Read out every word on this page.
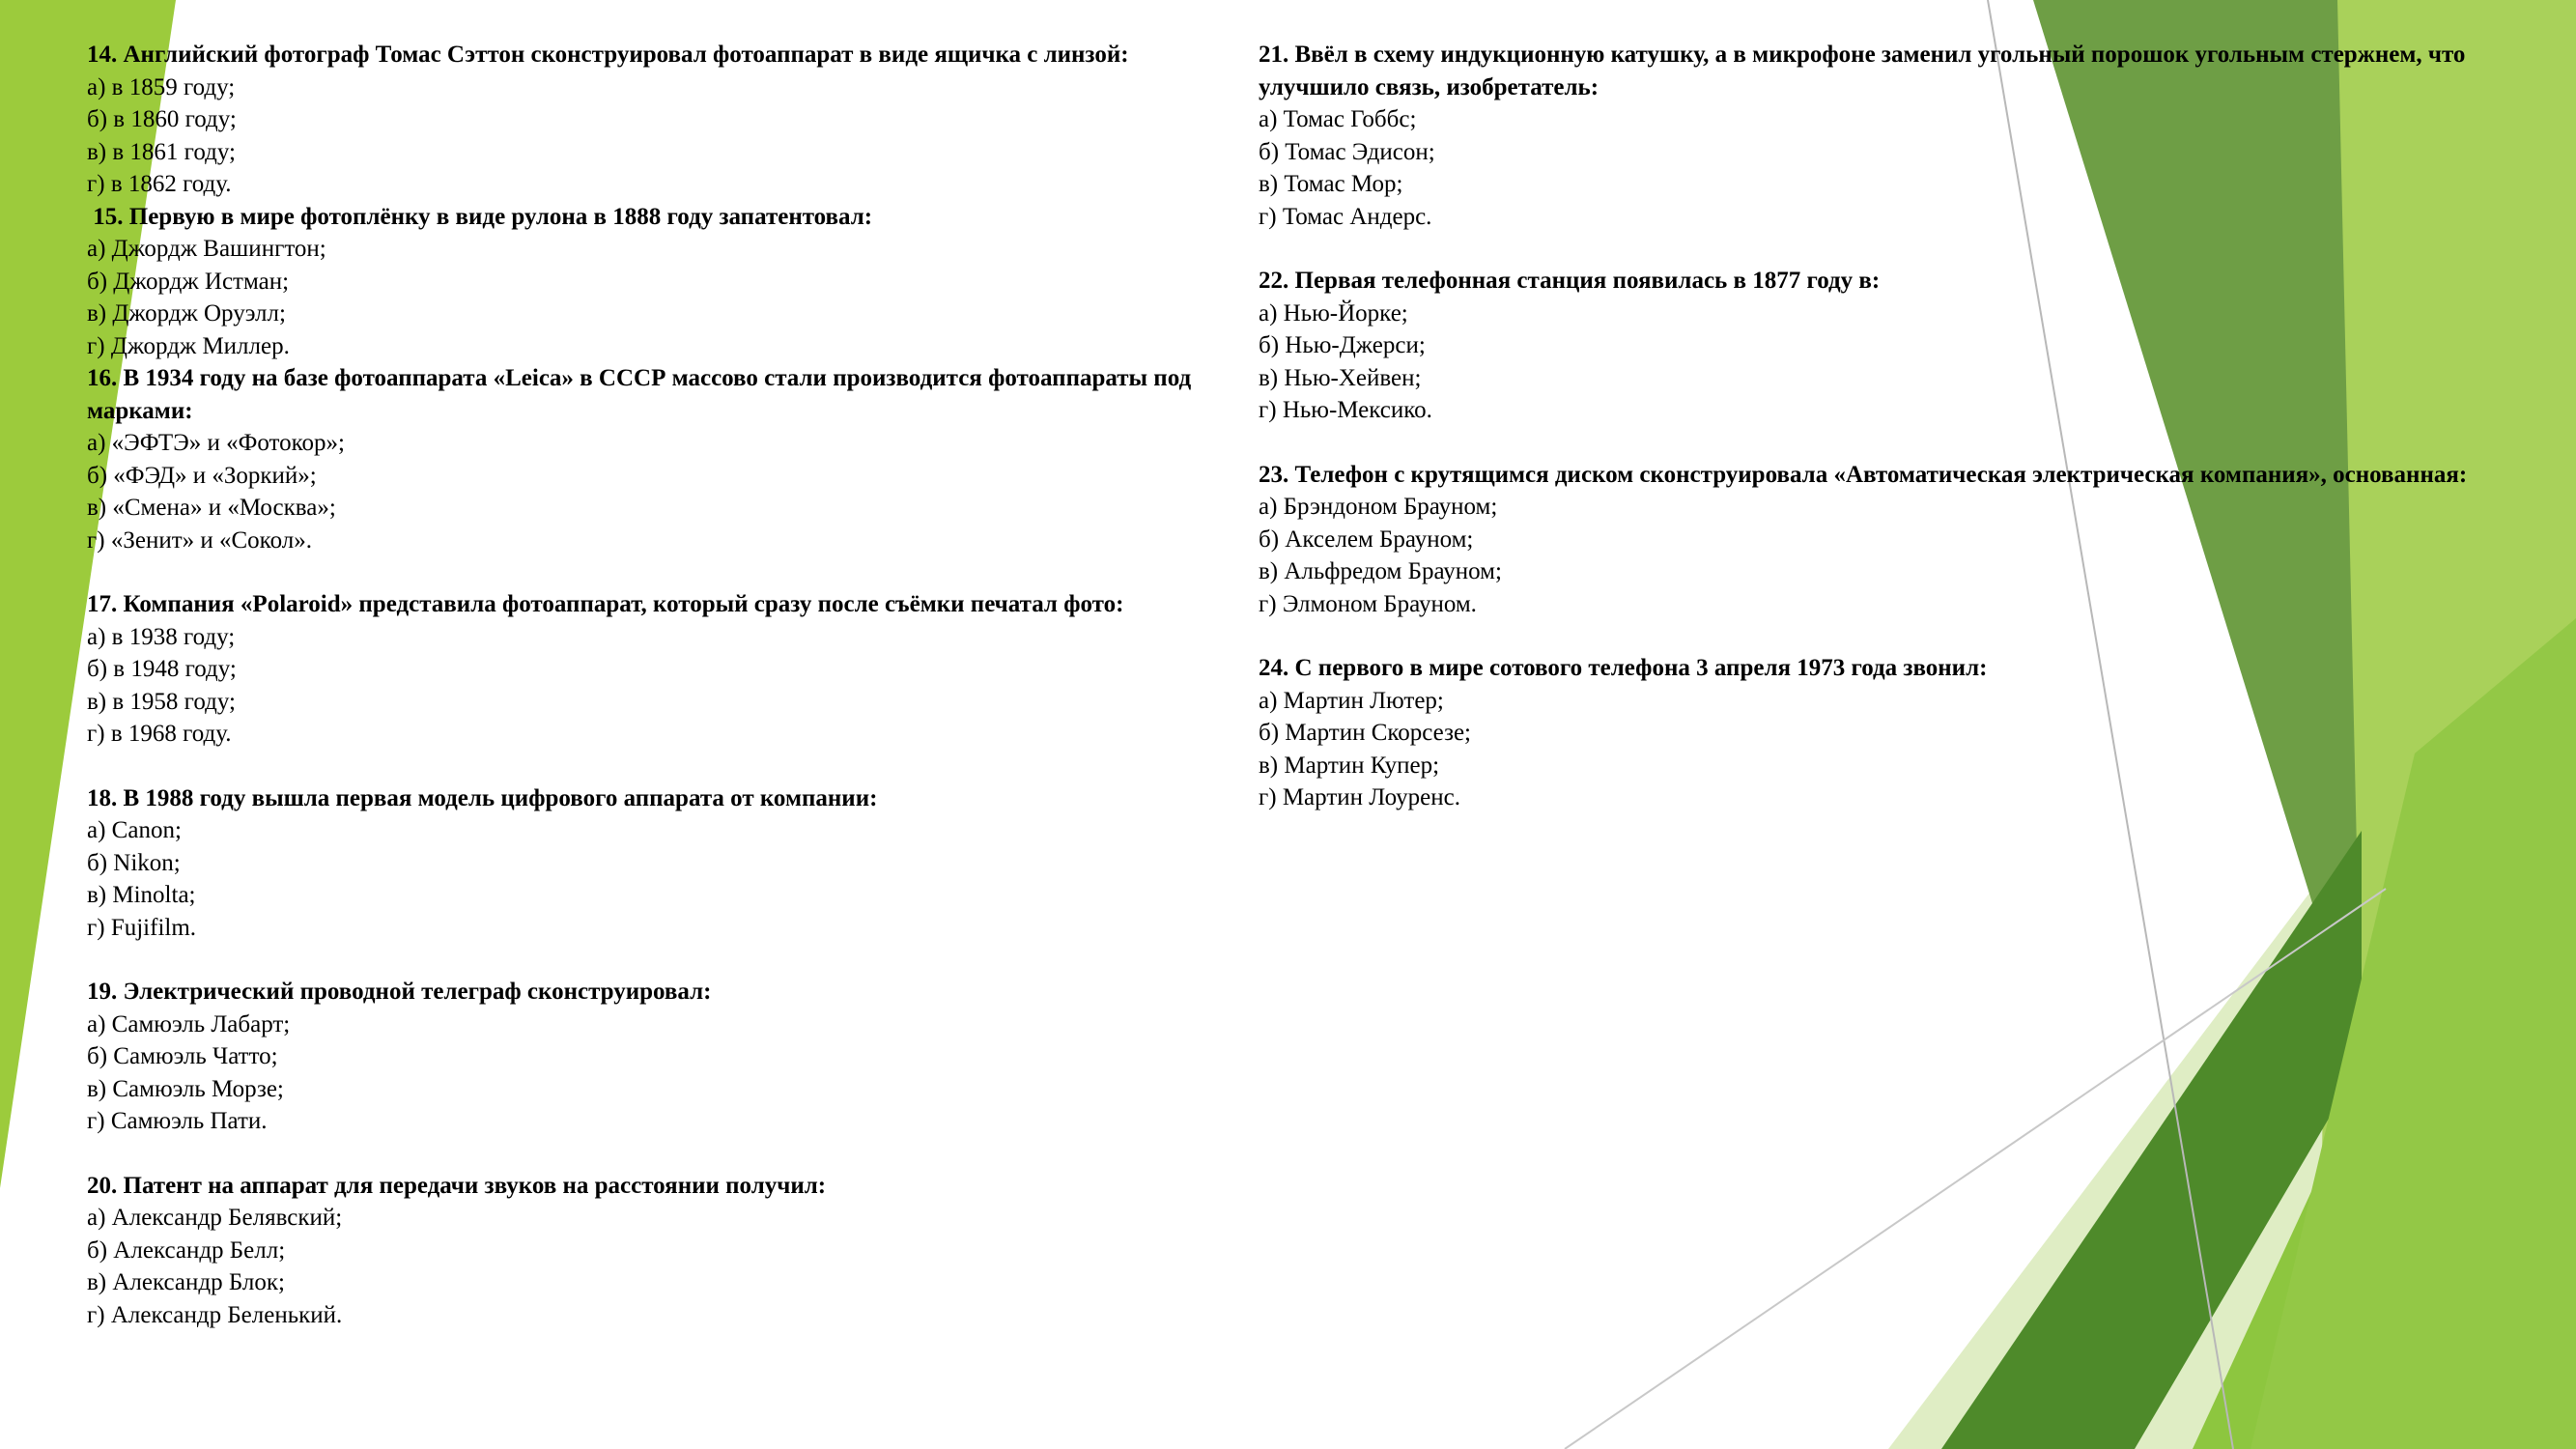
14. Английский фотограф Томас Сэттон сконструировал фотоаппарат в виде ящичка с линзой:

а) в 1859 году;

б) в 1860 году;

в) в 1861 году;

г) в 1862 году.

15. Первую в мире фотоплёнку в виде рулона в 1888 году запатентовал:

а) Джордж Вашингтон;

б) Джордж Истман;

в) Джордж Оруэлл;

г) Джордж Миллер.

16. В 1934 году на базе фотоаппарата «Leica» в СССР массово стали производится фотоаппараты под марками:

а) «ЭФТЭ» и «Фотокор»;

б) «ФЭД» и «Зоркий»;

в) «Смена» и «Москва»;

г) «Зенит» и «Сокол».

17. Компания «Polaroid» представила фотоаппарат, который сразу после съёмки печатал фото:

а) в 1938 году;

б) в 1948 году;

в) в 1958 году;

г) в 1968 году.

18. В 1988 году вышла первая модель цифрового аппарата от компании:

а) Canon;

б) Nikon;

в) Minolta;

г) Fujifilm.

19. Электрический проводной телеграф сконструировал:

а) Самюэль Лабарт;

б) Самюэль Чатто;

в) Самюэль Морзе;

г) Самюэль Пати.

20. Патент на аппарат для передачи звуков на расстоянии получил:

а) Александр Белявский;

б) Александр Белл;

в) Александр Блок;

г) Александр Беленький.

21. Ввёл в схему индукционную катушку, а в микрофоне заменил угольный порошок угольным стержнем, что улучшило связь, изобретатель:

а) Томас Гоббс;

б) Томас Эдисон;

в) Томас Мор;

г) Томас Андерс.

22. Первая телефонная станция появилась в 1877 году в:

а) Нью-Йорке;

б) Нью-Джерси;

в) Нью-Хейвен;

г) Нью-Мексико.

23. Телефон с крутящимся диском сконструировала «Автоматическая электрическая компания», основанная:

а) Брэндоном Брауном;

б) Акселем Брауном;

в) Альфредом Брауном;

г) Элмоном Брауном.

24. С первого в мире сотового телефона 3 апреля 1973 года звонил:

а) Мартин Лютер;

б) Мартин Скорсезе;

в) Мартин Купер;

г) Мартин Лоуренс.
